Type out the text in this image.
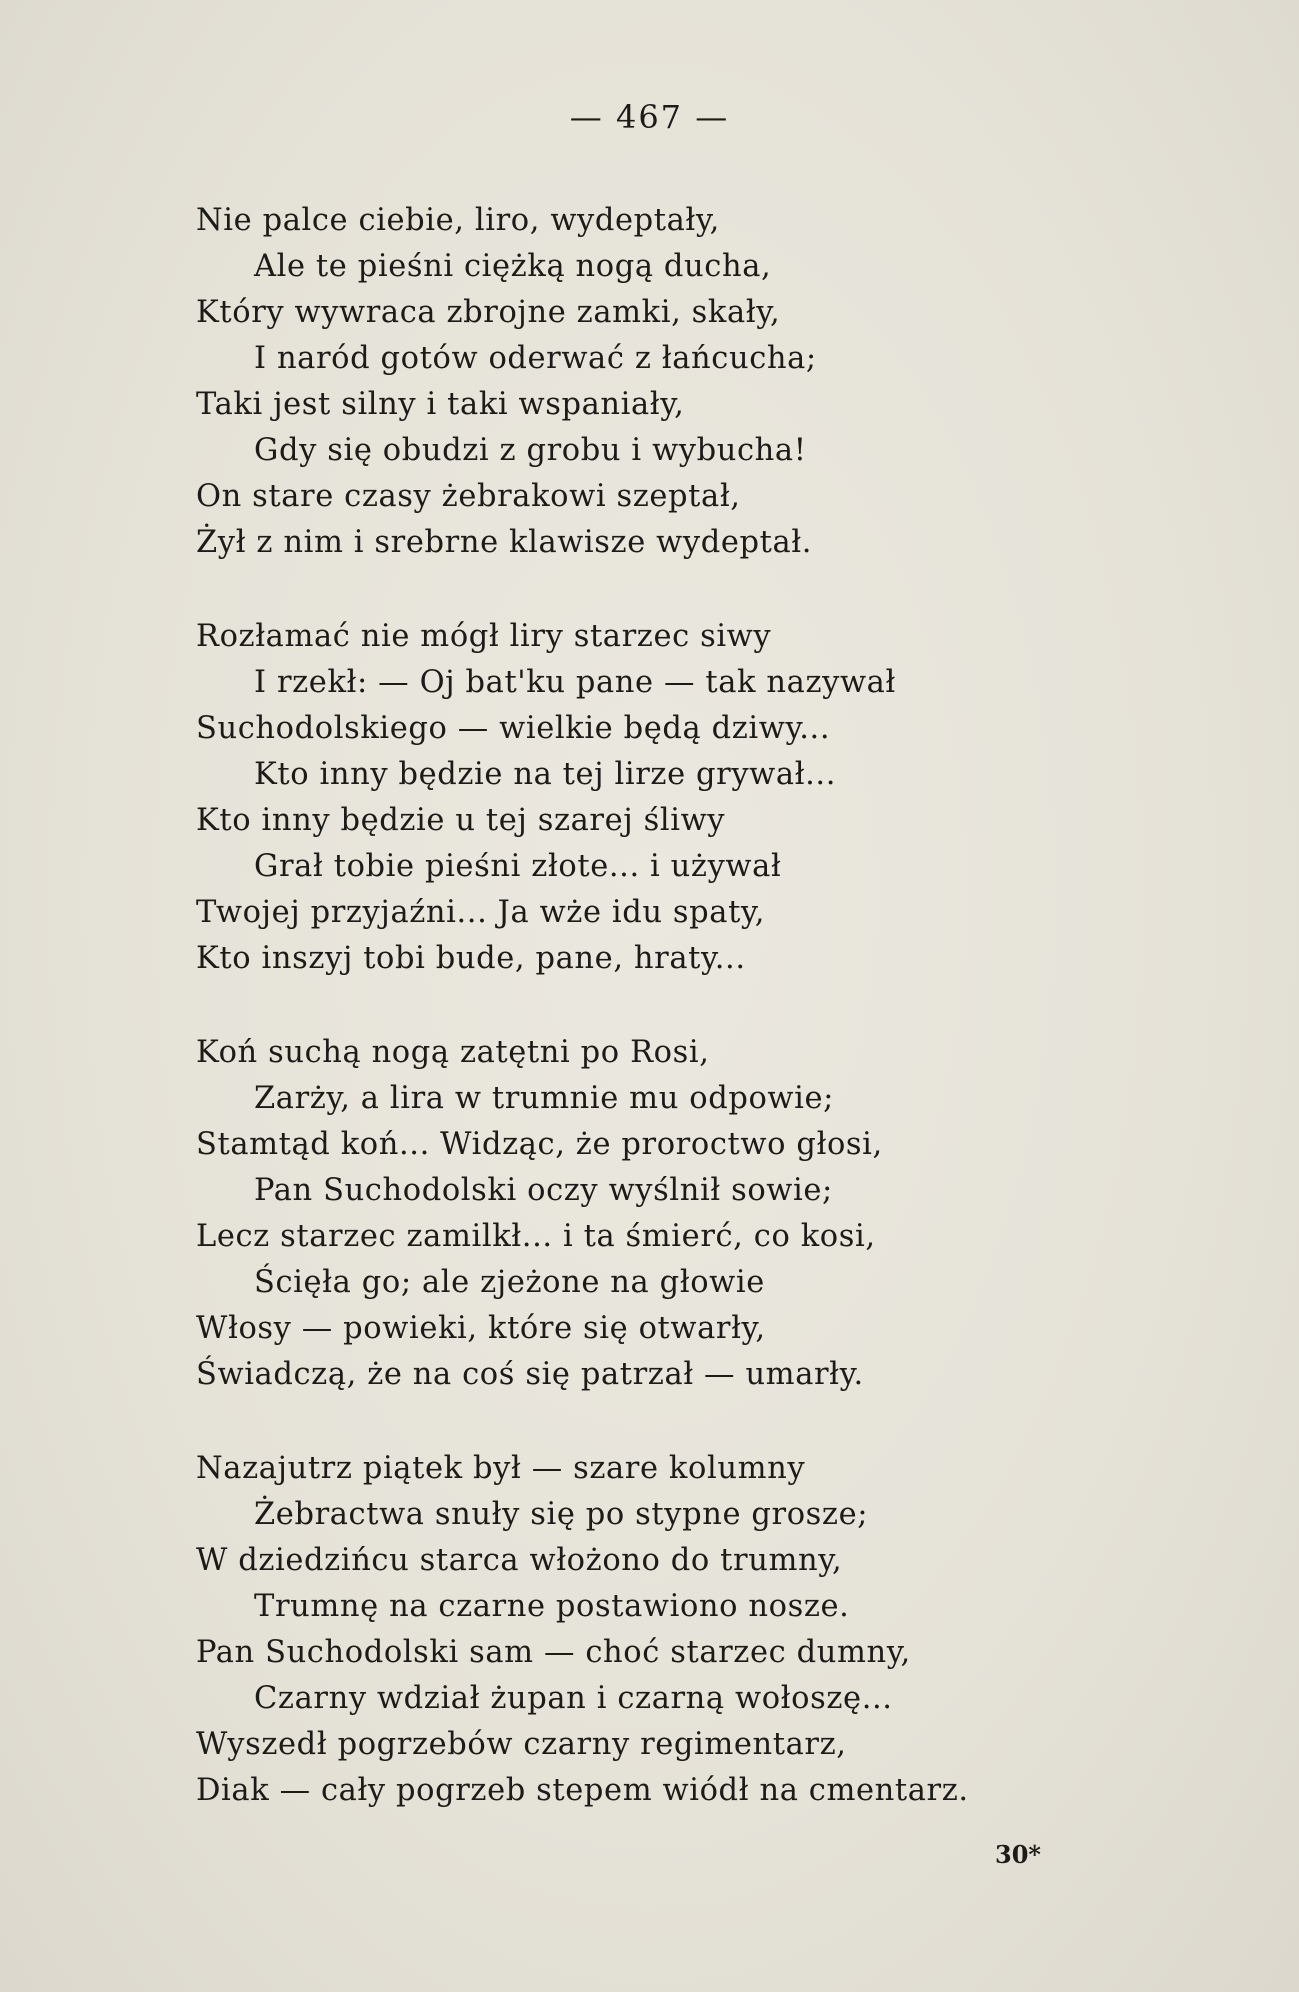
— 467 —
Nie palce ciebie, liro, wydeptały,
Ale te pieśni ciężką nogą ducha,
Który wywraca zbrojne zamki, skały,
I naród gotów oderwać z łańcucha;
Taki jest silny i taki wspaniały,
Gdy się obudzi z grobu i wybucha!
On stare czasy żebrakowi szeptał,
Żył z nim i srebrne klawisze wydeptał.
Rozłamać nie mógł liry starzec siwy
I rzekł: — Oj bat'ku pane — tak nazywał
Suchodolskiego — wielkie będą dziwy...
Kto inny będzie na tej lirze grywał...
Kto inny będzie u tej szarej śliwy
Grał tobie pieśni złote... i używał
Twojej przyjaźni... Ja wże idu spaty,
Kto inszyj tobi bude, pane, hraty...
Koń suchą nogą zatętni po Rosi,
Zarży, a lira w trumnie mu odpowie;
Stamtąd koń... Widząc, że proroctwo głosi,
Pan Suchodolski oczy wyślnił sowie;
Lecz starzec zamilkł... i ta śmierć, co kosi,
Ścięła go; ale zjeżone na głowie
Włosy — powieki, które się otwarły,
Świadczą, że na coś się patrzał — umarły.
Nazajutrz piątek był — szare kolumny
Żebractwa snuły się po stypne grosze;
W dziedzińcu starca włożono do trumny,
Trumnę na czarne postawiono nosze.
Pan Suchodolski sam — choć starzec dumny,
Czarny wdział żupan i czarną wołoszę...
Wyszedł pogrzebów czarny regimentarz,
Diak — cały pogrzeb stepem wiódł na cmentarz.
30*
